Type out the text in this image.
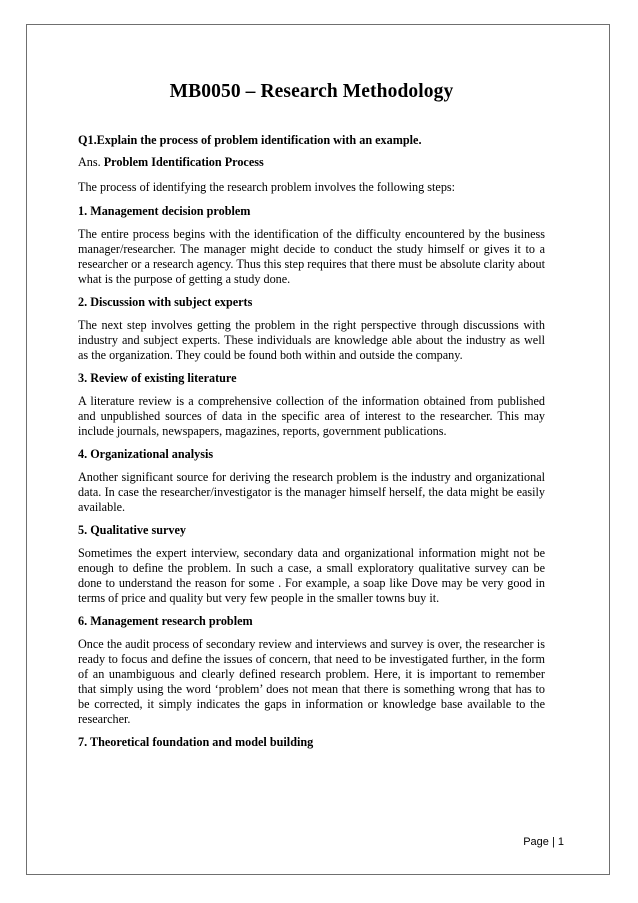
MB0050 – Research Methodology
Q1.Explain the process of problem identification with an example.
Ans. Problem Identification Process
The process of identifying the research problem involves the following steps:
1. Management decision problem
The entire process begins with the identification of the difficulty encountered by the business manager/researcher. The manager might decide to conduct the study himself or gives it to a researcher or a research agency. Thus this step requires that there must be absolute clarity about what is the purpose of getting a study done.
2. Discussion with subject experts
The next step involves getting the problem in the right perspective through discussions with industry and subject experts. These individuals are knowledge able about the industry as well as the organization. They could be found both within and outside the company.
3. Review of existing literature
A literature review is a comprehensive collection of the information obtained from published and unpublished sources of data in the specific area of interest to the researcher. This may include journals, newspapers, magazines, reports, government publications.
4. Organizational analysis
Another significant source for deriving the research problem is the industry and organizational data. In case the researcher/investigator is the manager himself herself, the data might be easily available.
5. Qualitative survey
Sometimes the expert interview, secondary data and organizational information might not be enough to define the problem. In such a case, a small exploratory qualitative survey can be done to understand the reason for some . For example, a soap like Dove may be very good in terms of price and quality but very few people in the smaller towns buy it.
6. Management research problem
Once the audit process of secondary review and interviews and survey is over, the researcher is ready to focus and define the issues of concern, that need to be investigated further, in the form of an unambiguous and clearly defined research problem. Here, it is important to remember that simply using the word ‘problem’ does not mean that there is something wrong that has to be corrected, it simply indicates the gaps in information or knowledge base available to the researcher.
7. Theoretical foundation and model building
Page | 1
